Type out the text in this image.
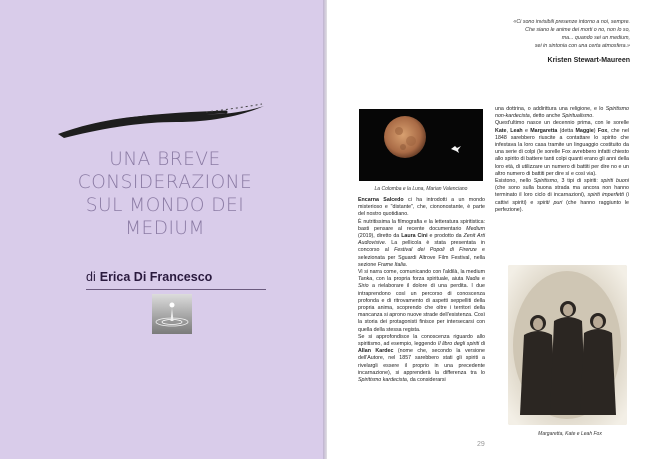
UNA BREVE
CONSIDERAZIONE
SUL MONDO DEI
MEDIUM
di Erica Di Francesco
«Ci sono invisibili presenze intorno a noi, sempre.
Che siano le anime dei morti o no, non lo so,
ma... quando sei un medium,
sei in sintonia con una certa atmosfera.»
Kristen Stewart-Maureen
La Colomba e la Luna, Marian Valenciano

Encarna Salcedo ci ha introdotti a un mondo misterioso e "distante", che, ciononostante, è parte del nostro quotidiano.

È nutritissima la filmografia e la letteratura spiritistica: basti pensare al recente documentario Medium (2019), diretto da Laura Cini e prodotto da Zenit Arti Audiovisive. La pellicola è stata presentata in concorso al Festival dei Popoli di Firenze e selezionata per Sguardi Altrove Film Festival, nella sezione Frame Italia.

Vi si narra come, comunicando con l'aldilà, la medium Tanka, con la propria forza spirituale, aiuta Nadia e Sirio a rielaborare il dolore di una perdita. I due intraprendono così un percorso di conoscenza profonda e di ritrovamento di aspetti seppelliti della propria anima, scoprendo che oltre i territori della mancanza si aprono nuove strade dell'esistenza. Così la storia dei protagonisti finisce per intersecarsi con quella della stessa regista.

Se si approfondisce la conoscenza riguardo allo spiritismo, ad esempio, leggendo Il libro degli spiriti di Allan Kardec (nome che, secondo la versione dell'Autore, nel 1857 sarebbero stati gli spiriti a rivelargli essere il proprio in una precedente incarnazione), si apprenderà la differenza tra lo Spiritismo kardecista, da considerarsi

una dottrina, o addirittura una religione, e lo Spiritismo non-kardecista, detto anche Spiritualismo.

Quest'ultimo nasce un decennio prima, con le sorelle Kate, Leah e Margaretta (detta Maggie) Fox, che nel 1848 sarebbero riuscite a contattare lo spirito che infestava la loro casa tramite un linguaggio costituito da una serie di colpi (le sorelle Fox avrebbero infatti chiesto allo spirito di battere tanti colpi quanti erano gli anni della loro età, di utilizzare un numero di battiti per dire no e un altro numero di battiti per dire sì e così via).

Esistono, nello Spiritismo, 3 tipi di spiriti: spiriti buoni (che sono sulla buona strada ma ancora non hanno terminato il loro ciclo di incarnazioni), spiriti imperfetti (i cattivi spiriti) e spiriti puri (che hanno raggiunto le perfezione).

Margaretta, Kate e Leah Fox
29
